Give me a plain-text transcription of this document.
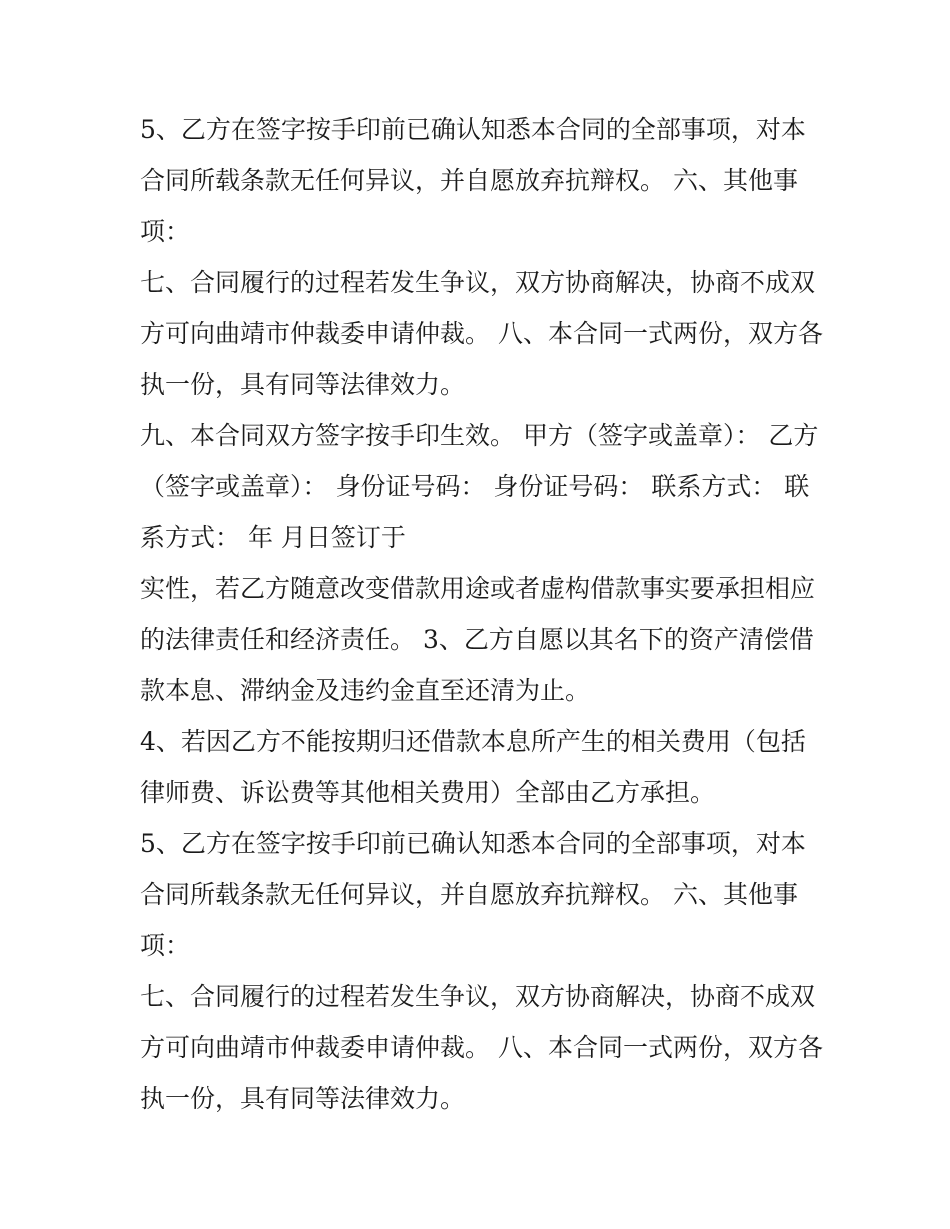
5、乙方在签字按手印前已确认知悉本合同的全部事项，对本合同所载条款无任何异议，并自愿放弃抗辩权。 六、其他事项：

七、合同履行的过程若发生争议，双方协商解决，协商不成双方可向曲靖市仲裁委申请仲裁。 八、本合同一式两份，双方各执一份，具有同等法律效力。

九、本合同双方签字按手印生效。 甲方（签字或盖章）： 乙方（签字或盖章）： 身份证号码： 身份证号码： 联系方式： 联系方式： 年 月日签订于

实性，若乙方随意改变借款用途或者虚构借款事实要承担相应的法律责任和经济责任。 3、乙方自愿以其名下的资产清偿借款本息、滞纳金及违约金直至还清为止。

4、若因乙方不能按期归还借款本息所产生的相关费用（包括律师费、诉讼费等其他相关费用）全部由乙方承担。

5、乙方在签字按手印前已确认知悉本合同的全部事项，对本合同所载条款无任何异议，并自愿放弃抗辩权。 六、其他事项：

七、合同履行的过程若发生争议，双方协商解决，协商不成双方可向曲靖市仲裁委申请仲裁。 八、本合同一式两份，双方各执一份，具有同等法律效力。
